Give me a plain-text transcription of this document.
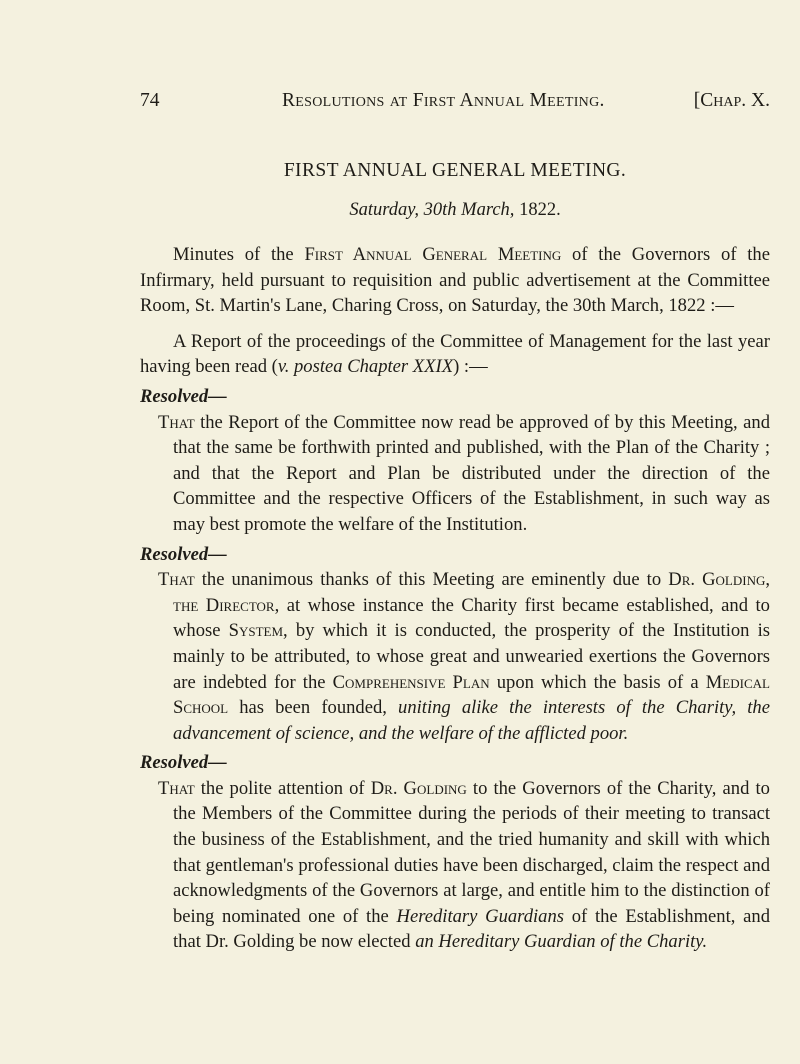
74	Resolutions at First Annual Meeting.	[Chap. X.
FIRST ANNUAL GENERAL MEETING.
Saturday, 30th March, 1822.

Minutes of the First Annual General Meeting of the Governors of the Infirmary, held pursuant to requisition and public advertisement at the Committee Room, St. Martin's Lane, Charing Cross, on Saturday, the 30th March, 1822 :—

A Report of the proceedings of the Committee of Management for the last year having been read (v. postea Chapter XXIX) :—

Resolved—

That the Report of the Committee now read be approved of by this Meeting, and that the same be forthwith printed and published, with the Plan of the Charity ; and that the Report and Plan be distributed under the direction of the Committee and the respective Officers of the Establishment, in such way as may best promote the welfare of the Institution.

Resolved—

That the unanimous thanks of this Meeting are eminently due to Dr. Golding, the Director, at whose instance the Charity first became established, and to whose System, by which it is conducted, the prosperity of the Institution is mainly to be attributed, to whose great and unwearied exertions the Governors are indebted for the Comprehensive Plan upon which the basis of a Medical School has been founded, uniting alike the interests of the Charity, the advancement of science, and the welfare of the afflicted poor.

Resolved—

That the polite attention of Dr. Golding to the Governors of the Charity, and to the Members of the Committee during the periods of their meeting to transact the business of the Establishment, and the tried humanity and skill with which that gentleman's professional duties have been discharged, claim the respect and acknowledgments of the Governors at large, and entitle him to the distinction of being nominated one of the Hereditary Guardians of the Establishment, and that Dr. Golding be now elected an Hereditary Guardian of the Charity.
